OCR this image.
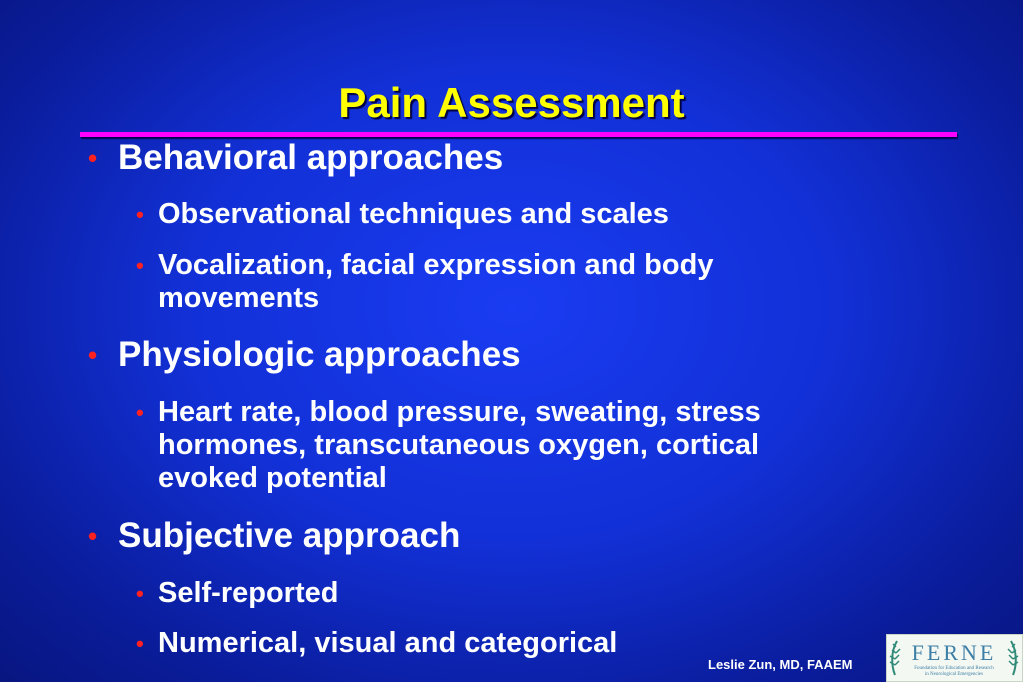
Pain Assessment
• Behavioral approaches
• Observational techniques and scales
• Vocalization, facial expression and body
movements
• Physiologic approaches
• Heart rate, blood pressure, sweating, stress
hormones, transcutaneous oxygen, cortical
evoked potential
• Subjective approach
• Self-reported
• Numerical, visual and categorical
Leslie Zun, MD, FAAEM	FERNE
Foundation for Education and Research
in Neurological Emergencies
